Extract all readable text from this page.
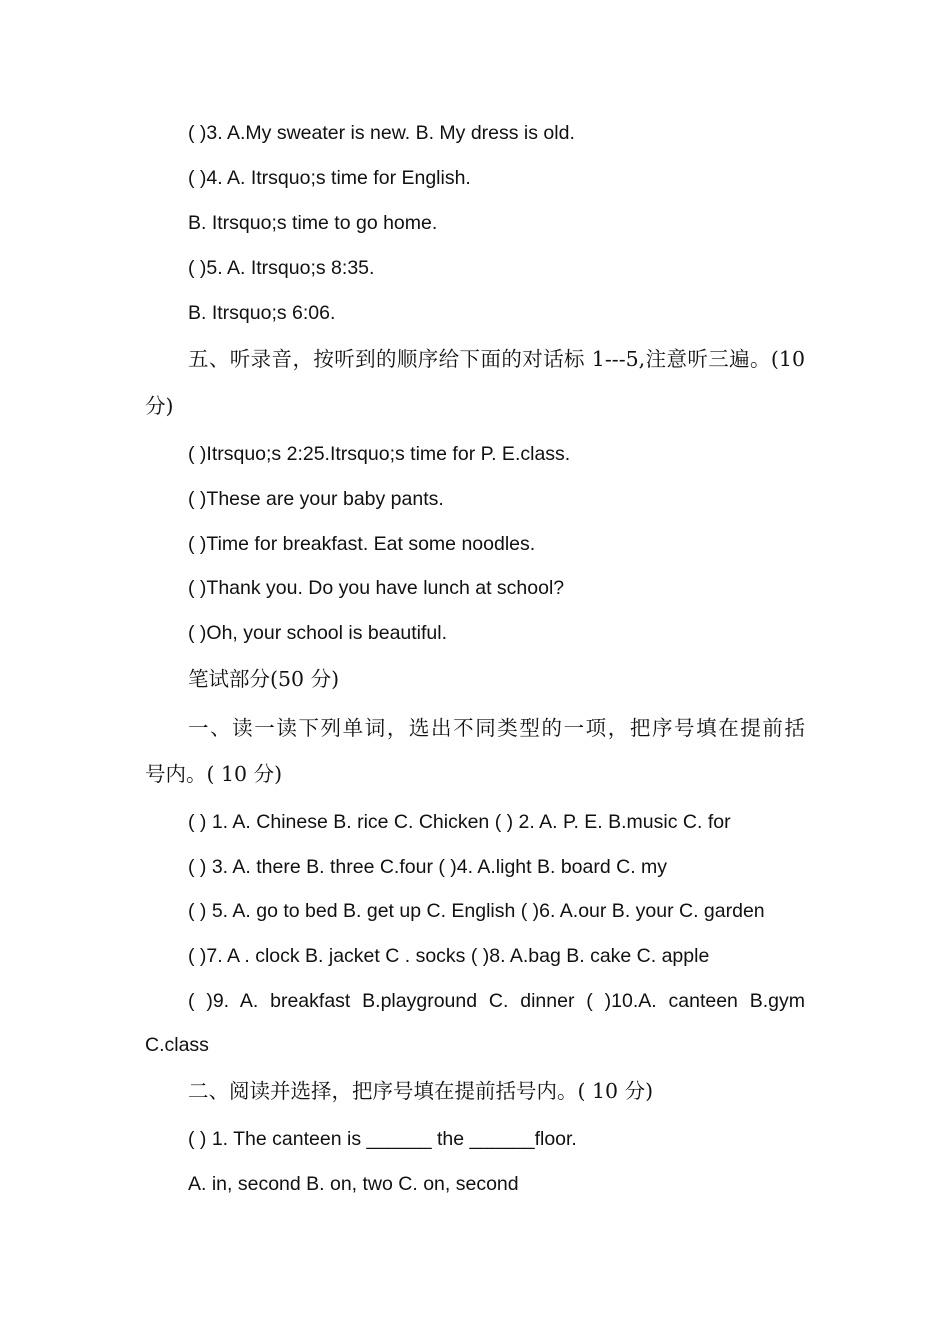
( )3. A.My sweater is new. B. My dress is old.
( )4. A. Itrsquo;s time for English.
B. Itrsquo;s time to go home.
( )5. A. Itrsquo;s 8:35.
B. Itrsquo;s 6:06.
五、听录音，按听到的顺序给下面的对话标 1---5,注意听三遍。(10
分)
( )Itrsquo;s 2:25.Itrsquo;s time for P. E.class.
( )These are your baby pants.
( )Time for breakfast. Eat some noodles.
( )Thank you. Do you have lunch at school?
( )Oh, your school is beautiful.
笔试部分(50 分)
一、读一读下列单词，选出不同类型的一项，把序号填在提前括
号内。( 10 分)
( ) 1. A. Chinese B. rice C. Chicken ( ) 2. A. P. E. B.music C. for
( ) 3. A. there B. three C.four ( )4. A.light B. board C. my
( ) 5. A. go to bed B. get up C. English ( )6. A.our B. your C. garden
( )7. A . clock B. jacket C . socks ( )8. A.bag B. cake C. apple
( )9. A. breakfast B.playground C. dinner ( )10.A. canteen B.gym
C.class
二、阅读并选择，把序号填在提前括号内。( 10 分)
( ) 1. The canteen is ______ the ______floor.
A. in, second B. on, two C. on, second
